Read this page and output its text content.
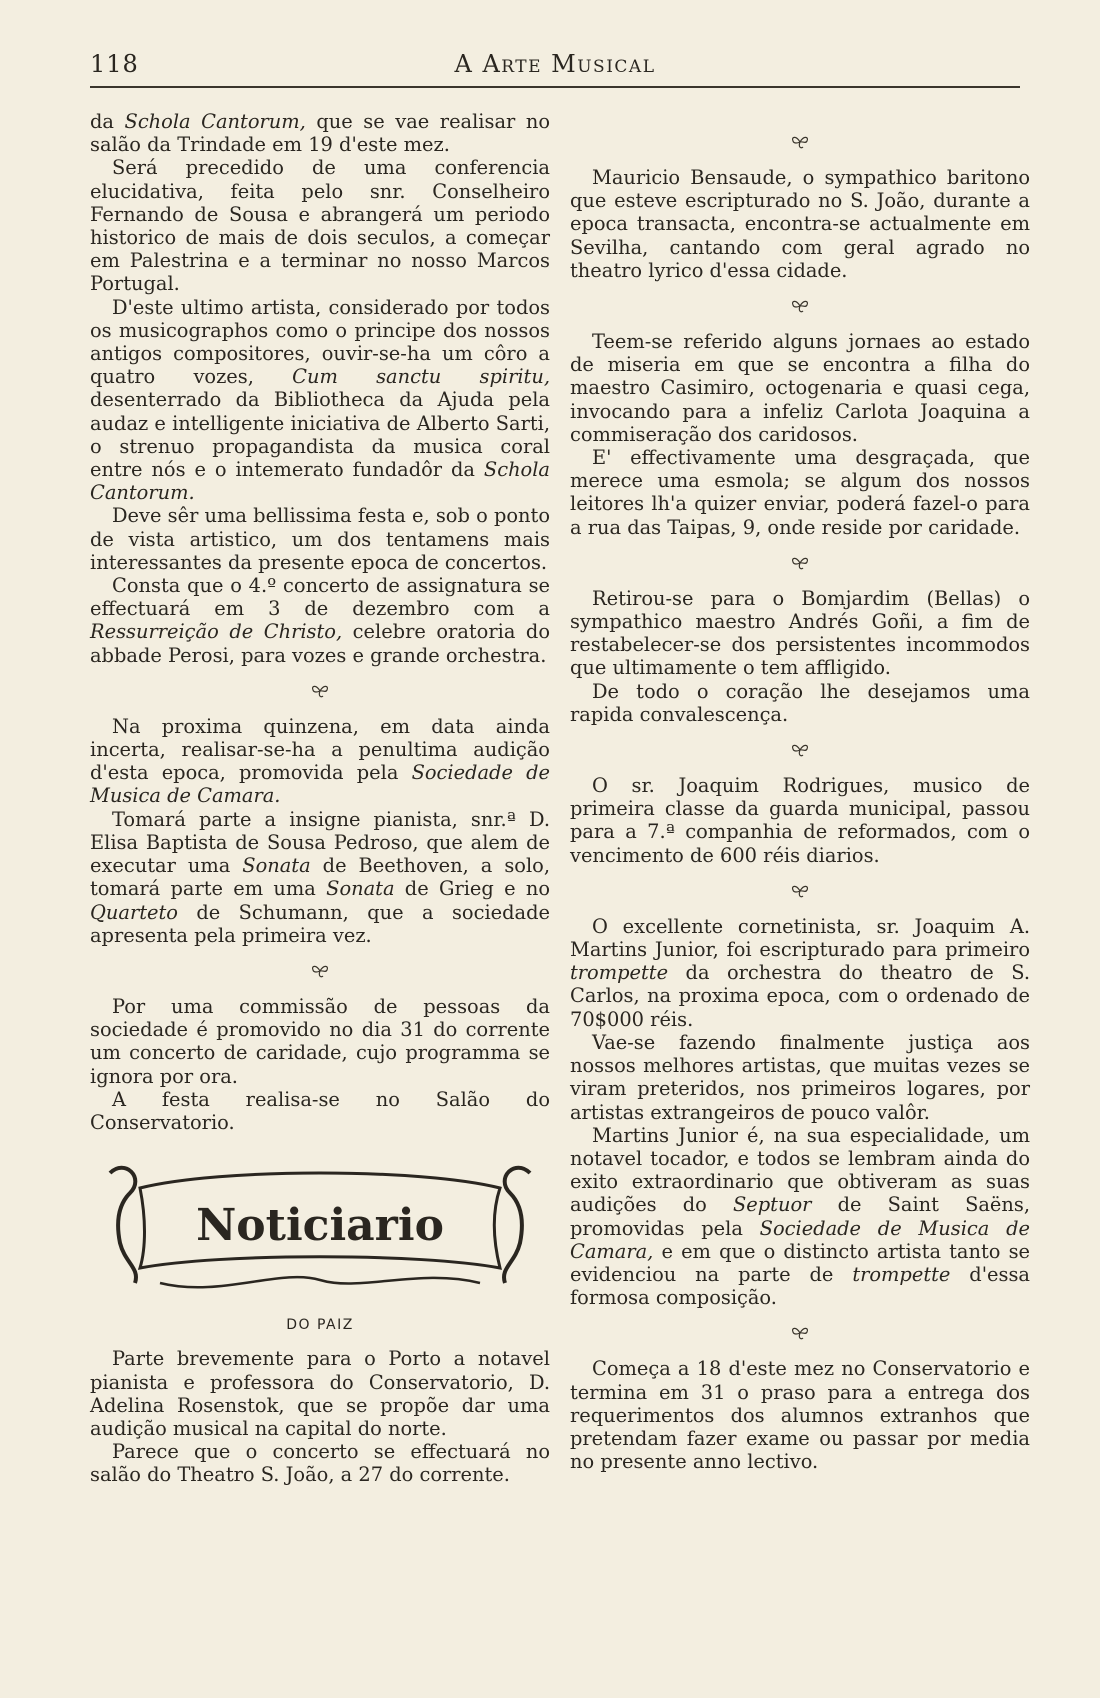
118	A Arte Musical

da Schola Cantorum, que se vae realisar no salão da Trindade em 19 d'este mez.

Será precedido de uma conferencia elucidativa, feita pelo snr. Conselheiro Fernando de Sousa e abrangerá um periodo historico de mais de dois seculos, a começar em Palestrina e a terminar no nosso Marcos Portugal.

D'este ultimo artista, considerado por todos os musicographos como o principe dos nossos antigos compositores, ouvir-se-ha um côro a quatro vozes, Cum sanctu spiritu, desenterrado da Bibliotheca da Ajuda pela audaz e intelligente iniciativa de Alberto Sarti, o strenuo propagandista da musica coral entre nós e o intemerato fundadôr da Schola Cantorum.

Deve sêr uma bellissima festa e, sob o ponto de vista artistico, um dos tentamens mais interessantes da presente epoca de concertos.

Consta que o 4.º concerto de assignatura se effectuará em 3 de dezembro com a Ressurreição de Christo, celebre oratoria do abbade Perosi, para vozes e grande orchestra.

Na proxima quinzena, em data ainda incerta, realisar-se-ha a penultima audição d'esta epoca, promovida pela Sociedade de Musica de Camara.

Tomará parte a insigne pianista, snr.ª D. Elisa Baptista de Sousa Pedroso, que alem de executar uma Sonata de Beethoven, a solo, tomará parte em uma Sonata de Grieg e no Quarteto de Schumann, que a sociedade apresenta pela primeira vez.

Por uma commissão de pessoas da sociedade é promovido no dia 31 do corrente um concerto de caridade, cujo programma se ignora por ora.

A festa realisa-se no Salão do Conservatorio.

Noticiario
DO PAIZ

Parte brevemente para o Porto a notavel pianista e professora do Conservatorio, D. Adelina Rosenstok, que se propõe dar uma audição musical na capital do norte.

Parece que o concerto se effectuará no salão do Theatro S. João, a 27 do corrente.

Mauricio Bensaude, o sympathico baritono que esteve escripturado no S. João, durante a epoca transacta, encontra-se actualmente em Sevilha, cantando com geral agrado no theatro lyrico d'essa cidade.

Teem-se referido alguns jornaes ao estado de miseria em que se encontra a filha do maestro Casimiro, octogenaria e quasi cega, invocando para a infeliz Carlota Joaquina a commiseração dos caridosos.

E' effectivamente uma desgraçada, que merece uma esmola; se algum dos nossos leitores lh'a quizer enviar, poderá fazel-o para a rua das Taipas, 9, onde reside por caridade.

Retirou-se para o Bomjardim (Bellas) o sympathico maestro Andrés Goñi, a fim de restabelecer-se dos persistentes incommodos que ultimamente o tem affligido.

De todo o coração lhe desejamos uma rapida convalescença.

O sr. Joaquim Rodrigues, musico de primeira classe da guarda municipal, passou para a 7.ª companhia de reformados, com o vencimento de 600 réis diarios.

O excellente cornetinista, sr. Joaquim A. Martins Junior, foi escripturado para primeiro trompette da orchestra do theatro de S. Carlos, na proxima epoca, com o ordenado de 70$000 réis.

Vae-se fazendo finalmente justiça aos nossos melhores artistas, que muitas vezes se viram preteridos, nos primeiros logares, por artistas extrangeiros de pouco valôr.

Martins Junior é, na sua especialidade, um notavel tocador, e todos se lembram ainda do exito extraordinario que obtiveram as suas audições do Septuor de Saint Saëns, promovidas pela Sociedade de Musica de Camara, e em que o distincto artista tanto se evidenciou na parte de trompette d'essa formosa composição.

Começa a 18 d'este mez no Conservatorio e termina em 31 o praso para a entrega dos requerimentos dos alumnos extranhos que pretendam fazer exame ou passar por media no presente anno lectivo.
